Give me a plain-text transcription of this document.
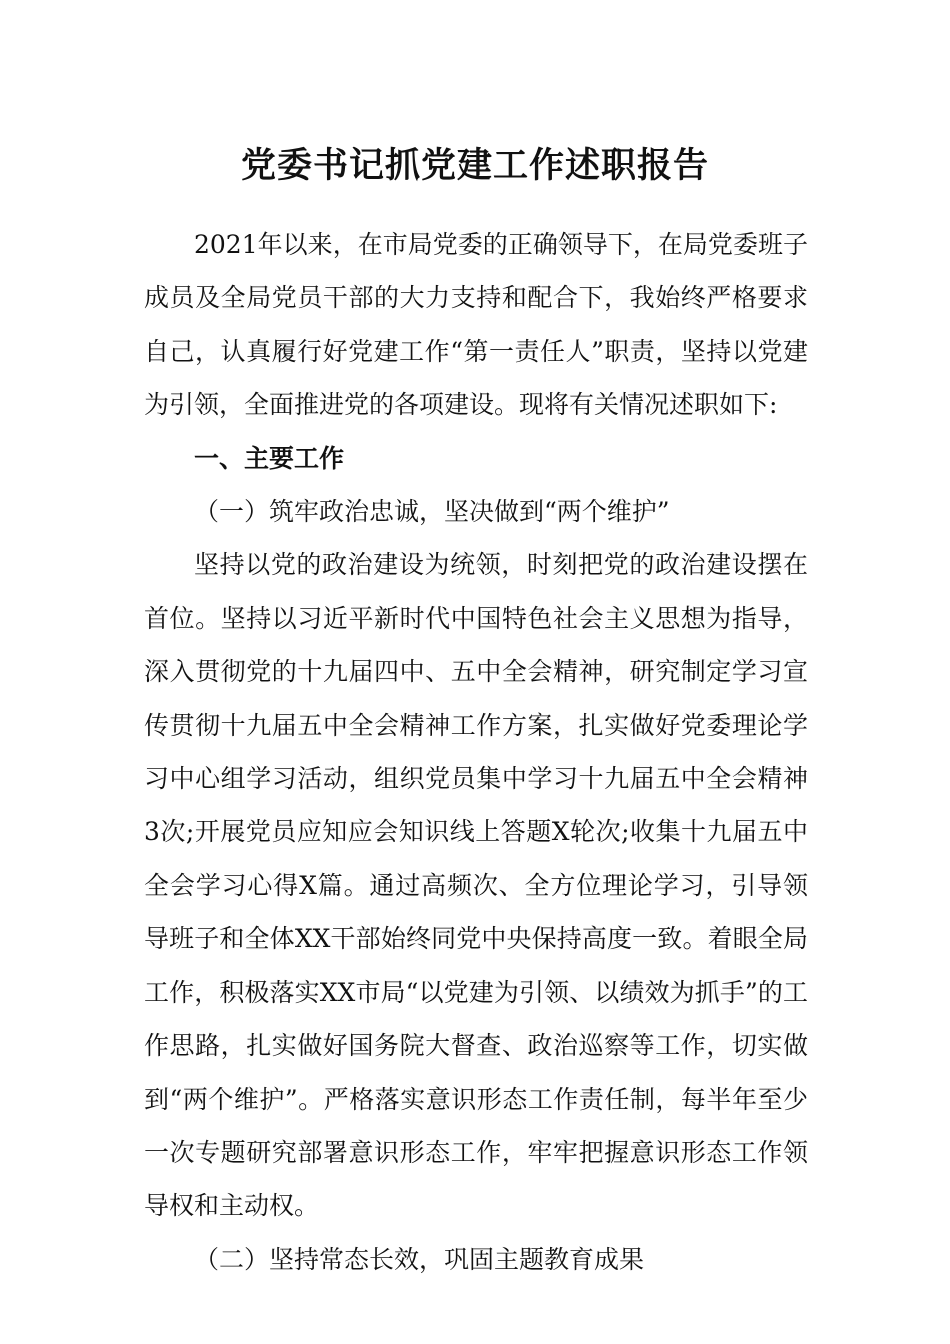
党委书记抓党建工作述职报告

2021年以来，在市局党委的正确领导下，在局党委班子成员及全局党员干部的大力支持和配合下，我始终严格要求自己，认真履行好党建工作“第一责任人”职责，坚持以党建为引领，全面推进党的各项建设。现将有关情况述职如下:

一、主要工作
（一）筑牢政治忠诚，坚决做到“两个维护”

坚持以党的政治建设为统领，时刻把党的政治建设摆在首位。坚持以习近平新时代中国特色社会主义思想为指导，深入贯彻党的十九届四中、五中全会精神，研究制定学习宣传贯彻十九届五中全会精神工作方案，扎实做好党委理论学习中心组学习活动，组织党员集中学习十九届五中全会精神3次;开展党员应知应会知识线上答题X轮次;收集十九届五中全会学习心得X篇。通过高频次、全方位理论学习，引导领导班子和全体XX干部始终同党中央保持高度一致。着眼全局工作，积极落实XX市局“以党建为引领、以绩效为抓手”的工作思路，扎实做好国务院大督查、政治巡察等工作，切实做到“两个维护”。严格落实意识形态工作责任制，每半年至少一次专题研究部署意识形态工作，牢牢把握意识形态工作领导权和主动权。

（二）坚持常态长效，巩固主题教育成果
